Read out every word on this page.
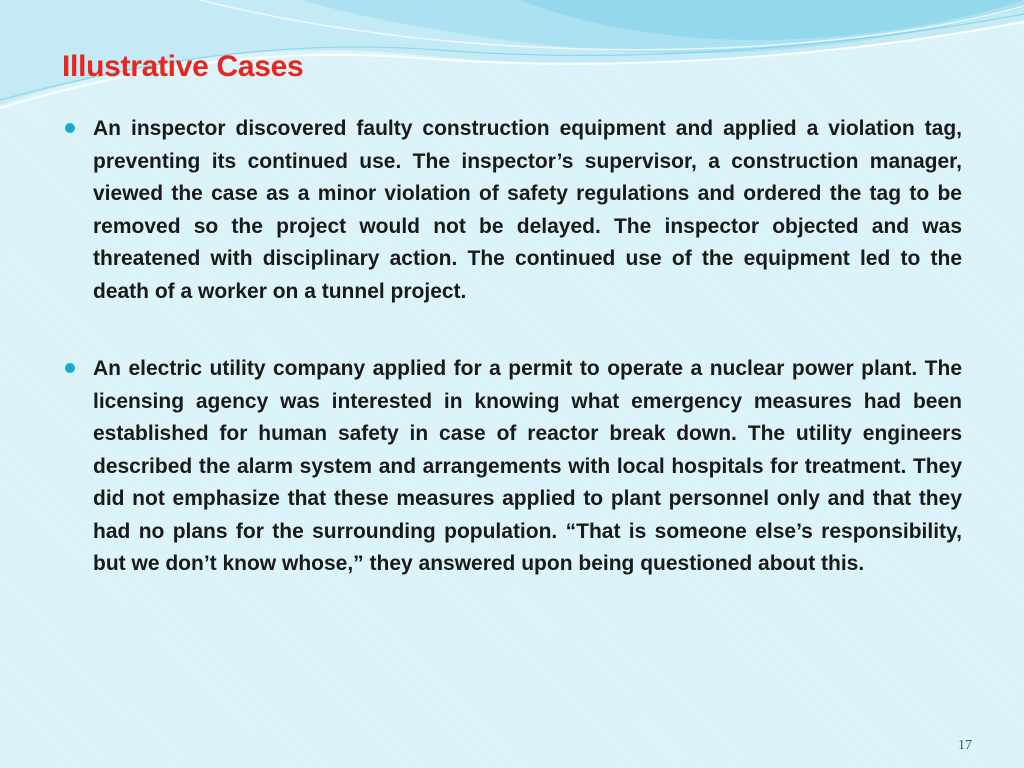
Illustrative Cases

An inspector discovered faulty construction equipment and applied a violation tag, preventing its continued use. The inspector’s supervisor, a construction manager, viewed the case as a minor violation of safety regulations and ordered the tag to be removed so the project would not be delayed. The inspector objected and was threatened with disciplinary action. The continued use of the equipment led to the death of a worker on a tunnel project.

An electric utility company applied for a permit to operate a nuclear power plant. The licensing agency was interested in knowing what emergency measures had been established for human safety in case of reactor break down. The utility engineers described the alarm system and arrangements with local hospitals for treatment. They did not emphasize that these measures applied to plant personnel only and that they had no plans for the surrounding population. “That is someone else’s responsibility, but we don’t know whose,” they answered upon being questioned about this.

17
